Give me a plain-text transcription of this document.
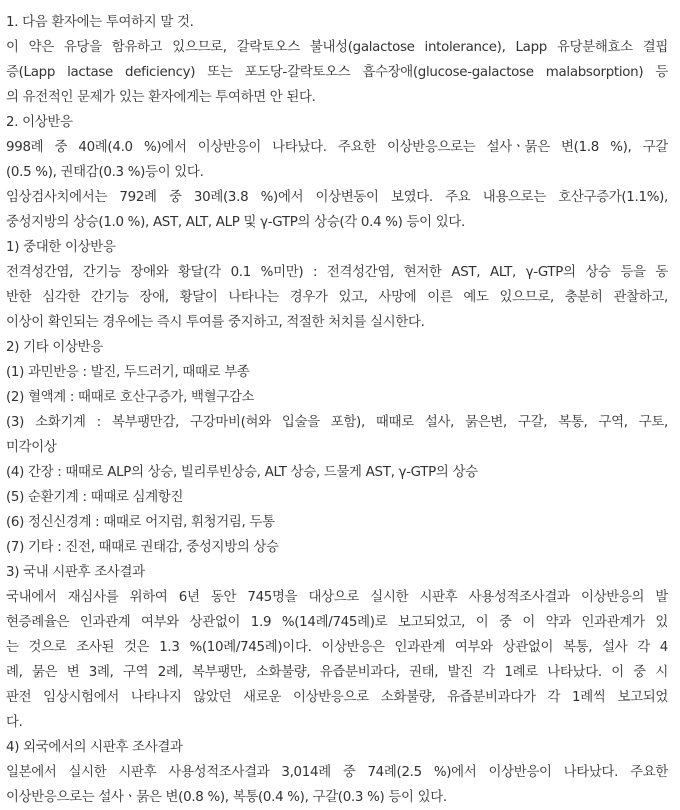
1. 다음 환자에는 투여하지 말 것.
이 약은 유당을 함유하고 있으므로, 갈락토오스 불내성(galactose intolerance), Lapp 유당분해효소 결핍
증(Lapp lactase deficiency) 또는 포도당-갈락토오스 흡수장애(glucose-galactose malabsorption) 등
의 유전적인 문제가 있는 환자에게는 투여하면 안 된다.
2. 이상반응
998례 중 40례(4.0 %)에서 이상반응이 나타났다. 주요한 이상반응으로는 설사ㆍ묽은 변(1.8 %), 구갈
(0.5 %), 권태감(0.3 %)등이 있다.
임상검사치에서는 792례 중 30례(3.8 %)에서 이상변동이 보였다. 주요 내용으로는 호산구증가(1.1%),
중성지방의 상승(1.0 %), AST, ALT, ALP 및 γ-GTP의 상승(각 0.4 %) 등이 있다.
1) 중대한 이상반응
전격성간염, 간기능 장애와 황달(각 0.1 %미만) : 전격성간염, 현저한 AST, ALT, γ-GTP의 상승 등을 동
반한 심각한 간기능 장애, 황달이 나타나는 경우가 있고, 사망에 이른 예도 있으므로, 충분히 관찰하고,
이상이 확인되는 경우에는 즉시 투여를 중지하고, 적절한 처치를 실시한다.
2) 기타 이상반응
(1) 과민반응 : 발진, 두드러기, 때때로 부종
(2) 혈액계 : 때때로 호산구증가, 백혈구감소
(3) 소화기계 : 복부팽만감, 구강마비(혀와 입술을 포함), 때때로 설사, 묽은변, 구갈, 복통, 구역, 구토,
미각이상
(4) 간장 : 때때로 ALP의 상승, 빌리루빈상승, ALT 상승, 드물게 AST, γ-GTP의 상승
(5) 순환기계 : 때때로 심계항진
(6) 정신신경계 : 때때로 어지럼, 휘청거림, 두통
(7) 기타 : 진전, 때때로 권태감, 중성지방의 상승
3) 국내 시판후 조사결과
국내에서 재심사를 위하여 6년 동안 745명을 대상으로 실시한 시판후 사용성적조사결과 이상반응의 발
현증례율은 인과관계 여부와 상관없이 1.9 %(14례/745례)로 보고되었고, 이 중 이 약과 인과관계가 있
는 것으로 조사된 것은 1.3 %(10례/745례)이다. 이상반응은 인과관계 여부와 상관없이 복통, 설사 각 4
례, 묽은 변 3례, 구역 2례, 복부팽만, 소화불량, 유즙분비과다, 권태, 발진 각 1례로 나타났다. 이 중 시
판전 임상시험에서 나타나지 않았던 새로운 이상반응으로 소화불량, 유즙분비과다가 각 1례씩 보고되었
다.
4) 외국에서의 시판후 조사결과
일본에서 실시한 시판후 사용성적조사결과 3,014례 중 74례(2.5 %)에서 이상반응이 나타났다. 주요한
이상반응으로는 설사ㆍ묽은 변(0.8 %), 복통(0.4 %), 구갈(0.3 %) 등이 있다.
